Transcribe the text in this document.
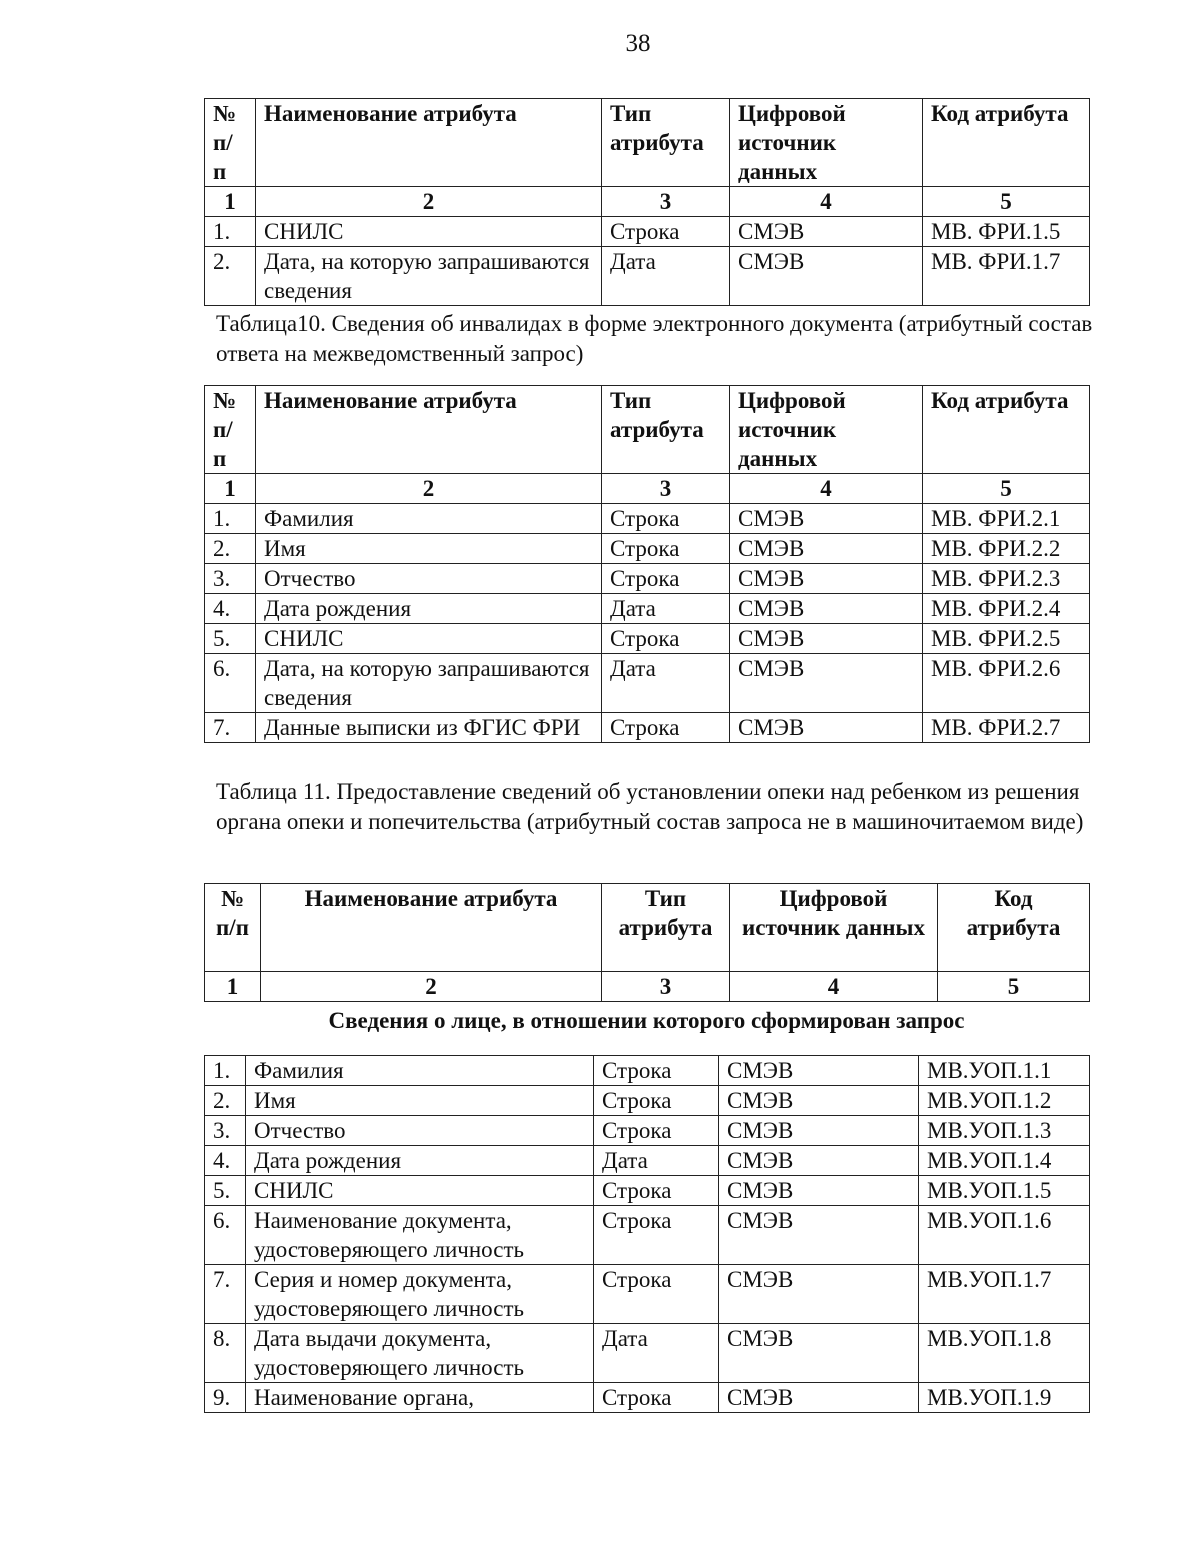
38
№ п/ п	Наименование атрибута	Тип атрибута	Цифровой источник данных	Код атрибута
1	2	3	4	5
1.	СНИЛС	Строка	СМЭВ	МВ. ФРИ.1.5
2.	Дата, на которую запрашиваются сведения	Дата	СМЭВ	МВ. ФРИ.1.7
Таблица10. Сведения об инвалидах в форме электронного документа (атрибутный состав ответа на межведомственный запрос)
№ п/ п	Наименование атрибута	Тип атрибута	Цифровой источник данных	Код атрибута
1	2	3	4	5
1.	Фамилия	Строка	СМЭВ	МВ. ФРИ.2.1
2.	Имя	Строка	СМЭВ	МВ. ФРИ.2.2
3.	Отчество	Строка	СМЭВ	МВ. ФРИ.2.3
4.	Дата рождения	Дата	СМЭВ	МВ. ФРИ.2.4
5.	СНИЛС	Строка	СМЭВ	МВ. ФРИ.2.5
6.	Дата, на которую запрашиваются сведения	Дата	СМЭВ	МВ. ФРИ.2.6
7.	Данные выписки из ФГИС ФРИ	Строка	СМЭВ	МВ. ФРИ.2.7
Таблица 11. Предоставление сведений об установлении опеки над ребенком из решения органа опеки и попечительства (атрибутный состав запроса не в машиночитаемом виде)
№ п/п	Наименование атрибута	Тип атрибута	Цифровой источник данных	Код атрибута
1	2	3	4	5
Сведения о лице, в отношении которого сформирован запрос
1.	Фамилия	Строка	СМЭВ	МВ.УОП.1.1
2.	Имя	Строка	СМЭВ	МВ.УОП.1.2
3.	Отчество	Строка	СМЭВ	МВ.УОП.1.3
4.	Дата рождения	Дата	СМЭВ	МВ.УОП.1.4
5.	СНИЛС	Строка	СМЭВ	МВ.УОП.1.5
6.	Наименование документа, удостоверяющего личность	Строка	СМЭВ	МВ.УОП.1.6
7.	Серия и номер документа, удостоверяющего личность	Строка	СМЭВ	МВ.УОП.1.7
8.	Дата выдачи документа, удостоверяющего личность	Дата	СМЭВ	МВ.УОП.1.8
9.	Наименование органа,	Строка	СМЭВ	МВ.УОП.1.9
